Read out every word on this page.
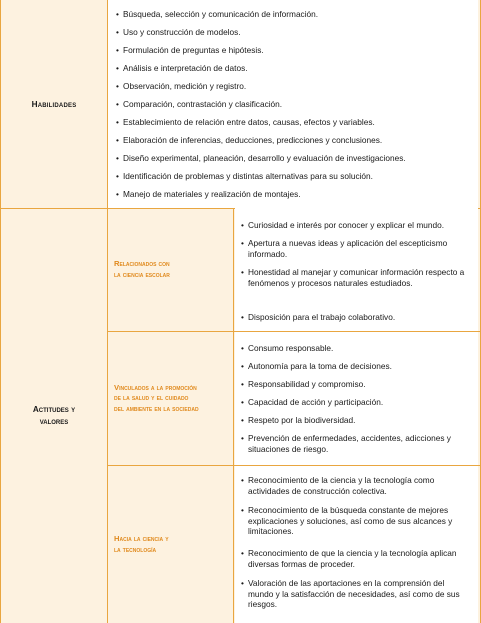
Habilidades
• Búsqueda, selección y comunicación de información.
• Uso y construcción de modelos.
• Formulación de preguntas e hipótesis.
• Análisis e interpretación de datos.
• Observación, medición y registro.
• Comparación, contrastación y clasificación.
• Establecimiento de relación entre datos, causas, efectos y variables.
• Elaboración de inferencias, deducciones, predicciones y conclusiones.
• Diseño experimental, planeación, desarrollo y evaluación de investigaciones.
• Identificación de problemas y distintas alternativas para su solución.
• Manejo de materiales y realización de montajes.
Actitudes y
valores
Relacionados con
la ciencia escolar
• Curiosidad e interés por conocer y explicar el mundo.
• Apertura a nuevas ideas y aplicación del escepticismo informado.
• Honestidad al manejar y comunicar información respecto a fenómenos y procesos naturales estudiados.
• Disposición para el trabajo colaborativo.
Vinculados a la promoción
de la salud y el cuidado
del ambiente en la sociedad
• Consumo responsable.
• Autonomía para la toma de decisiones.
• Responsabilidad y compromiso.
• Capacidad de acción y participación.
• Respeto por la biodiversidad.
• Prevención de enfermedades, accidentes, adicciones y situaciones de riesgo.
Hacia la ciencia y
la tecnología
• Reconocimiento de la ciencia y la tecnología como actividades de construcción colectiva.
• Reconocimiento de la búsqueda constante de mejores explicaciones y soluciones, así como de sus alcances y limitaciones.
• Reconocimiento de que la ciencia y la tecnología aplican diversas formas de proceder.
• Valoración de las aportaciones en la comprensión del mundo y la satisfacción de necesidades, así como de sus riesgos.
